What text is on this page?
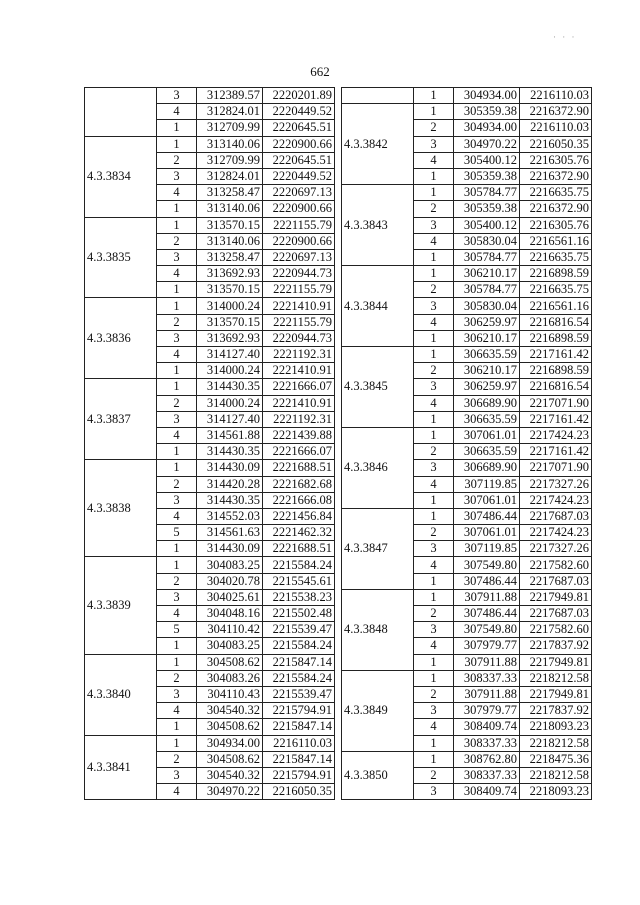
· · ·
662
	3	312389.57	2220201.89
	4	312824.01	2220449.52
	1	312709.99	2220645.51
4.3.3834	1	313140.06	2220900.66
	2	312709.99	2220645.51
	3	312824.01	2220449.52
	4	313258.47	2220697.13
	1	313140.06	2220900.66
4.3.3835	1	313570.15	2221155.79
	2	313140.06	2220900.66
	3	313258.47	2220697.13
	4	313692.93	2220944.73
	1	313570.15	2221155.79
4.3.3836	1	314000.24	2221410.91
	2	313570.15	2221155.79
	3	313692.93	2220944.73
	4	314127.40	2221192.31
	1	314000.24	2221410.91
4.3.3837	1	314430.35	2221666.07
	2	314000.24	2221410.91
	3	314127.40	2221192.31
	4	314561.88	2221439.88
	1	314430.35	2221666.07
4.3.3838	1	314430.09	2221688.51
	2	314420.28	2221682.68
	3	314430.35	2221666.08
	4	314552.03	2221456.84
	5	314561.63	2221462.32
	1	314430.09	2221688.51
4.3.3839	1	304083.25	2215584.24
	2	304020.78	2215545.61
	3	304025.61	2215538.23
	4	304048.16	2215502.48
	5	304110.42	2215539.47
	1	304083.25	2215584.24
4.3.3840	1	304508.62	2215847.14
	2	304083.26	2215584.24
	3	304110.43	2215539.47
	4	304540.32	2215794.91
	1	304508.62	2215847.14
4.3.3841	1	304934.00	2216110.03
	2	304508.62	2215847.14
	3	304540.32	2215794.91
	4	304970.22	2216050.35
	1	304934.00	2216110.03
4.3.3842	1	305359.38	2216372.90
	2	304934.00	2216110.03
	3	304970.22	2216050.35
	4	305400.12	2216305.76
	1	305359.38	2216372.90
4.3.3843	1	305784.77	2216635.75
	2	305359.38	2216372.90
	3	305400.12	2216305.76
	4	305830.04	2216561.16
	1	305784.77	2216635.75
4.3.3844	1	306210.17	2216898.59
	2	305784.77	2216635.75
	3	305830.04	2216561.16
	4	306259.97	2216816.54
	1	306210.17	2216898.59
4.3.3845	1	306635.59	2217161.42
	2	306210.17	2216898.59
	3	306259.97	2216816.54
	4	306689.90	2217071.90
	1	306635.59	2217161.42
4.3.3846	1	307061.01	2217424.23
	2	306635.59	2217161.42
	3	306689.90	2217071.90
	4	307119.85	2217327.26
	1	307061.01	2217424.23
4.3.3847	1	307486.44	2217687.03
	2	307061.01	2217424.23
	3	307119.85	2217327.26
	4	307549.80	2217582.60
	1	307486.44	2217687.03
4.3.3848	1	307911.88	2217949.81
	2	307486.44	2217687.03
	3	307549.80	2217582.60
	4	307979.77	2217837.92
	1	307911.88	2217949.81
4.3.3849	1	308337.33	2218212.58
	2	307911.88	2217949.81
	3	307979.77	2217837.92
	4	308409.74	2218093.23
	1	308337.33	2218212.58
4.3.3850	1	308762.80	2218475.36
	2	308337.33	2218212.58
	3	308409.74	2218093.23
